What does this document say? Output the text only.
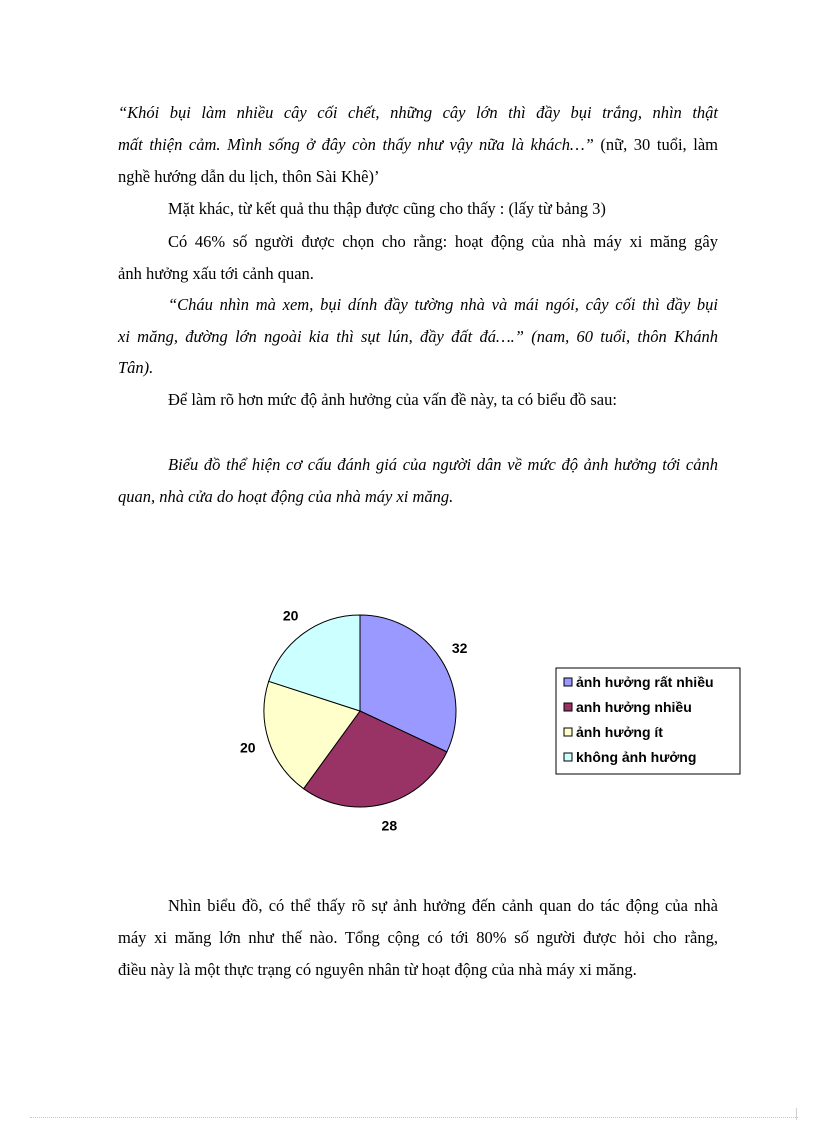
“Khói bụi làm nhiều cây cối chết, những cây lớn thì đầy bụi trắng, nhìn thật
mất thiện cảm. Mình sống ở đây còn thấy như vậy nữa là khách…” (nữ, 30 tuổi, làm
nghề hướng dẫn du lịch, thôn Sài Khê)’
Mặt khác, từ kết quả thu thập được cũng cho thấy : (lấy từ bảng 3)
Có 46% số người được chọn cho rằng: hoạt động của nhà máy xi măng gây
ảnh hưởng xấu tới cảnh quan.
“Cháu nhìn mà xem, bụi dính đầy tường nhà và mái ngói, cây cối thì đầy bụi
xi măng, đường lớn ngoài kia thì sụt lún, đầy đất đá….” (nam, 60 tuổi, thôn Khánh
Tân).
Để làm rõ hơn mức độ ảnh hưởng của vấn đề này, ta có biểu đồ sau:
Biểu đồ thể hiện cơ cấu đánh giá của người dân về mức độ ảnh hưởng tới cảnh
quan, nhà cửa do hoạt động của nhà máy xi măng.
32
28
20
20
ảnh hưởng rất nhiều
anh hưởng nhiều
ảnh hưởng ít
không ảnh hưởng
Nhìn biểu đồ, có thể thấy rõ sự ảnh hưởng đến cảnh quan do tác động của nhà
máy xi măng lớn như thế nào. Tổng cộng có tới 80% số người được hỏi cho rằng,
điều này là một thực trạng có nguyên nhân từ hoạt động của nhà máy xi măng.
